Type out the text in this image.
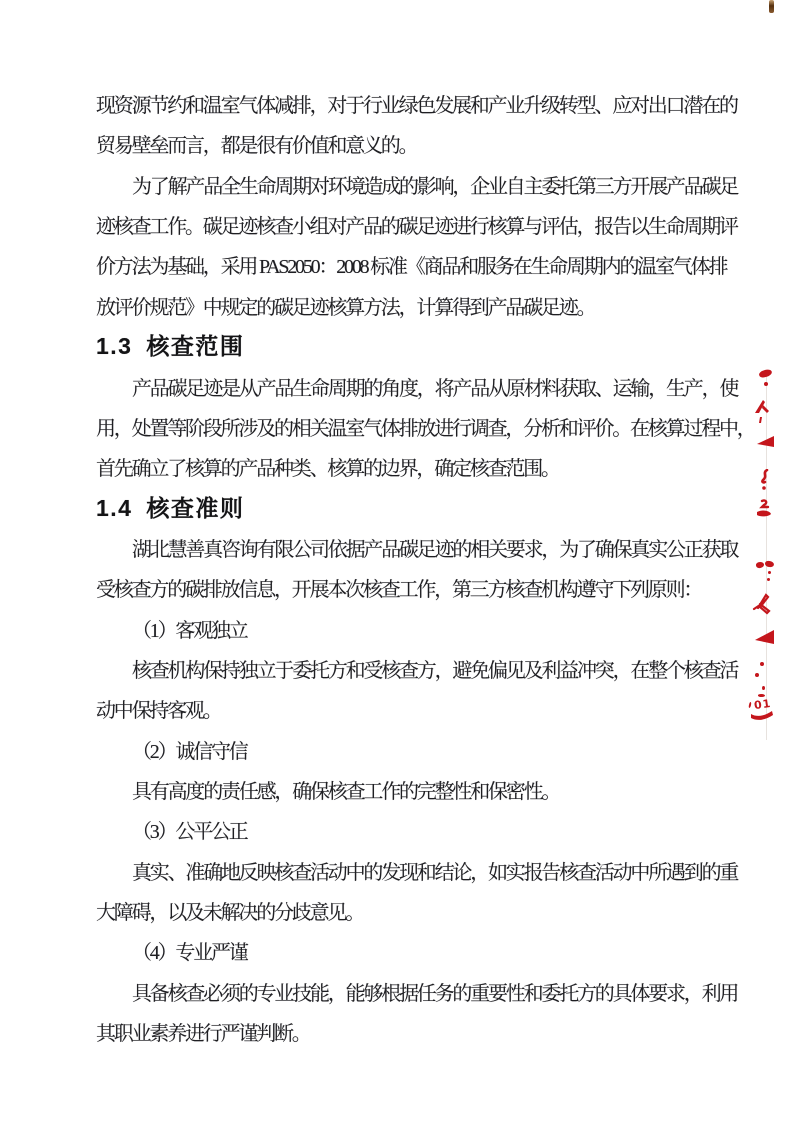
现资源节约和温室气体减排，对于行业绿色发展和产业升级转型、应对出口潜在的
贸易壁垒而言，都是很有价值和意义的。
为了解产品全生命周期对环境造成的影响，企业自主委托第三方开展产品碳足
迹核查工作。碳足迹核查小组对产品的碳足迹进行核算与评估，报告以生命周期评
价方法为基础，采用 PAS2050：2008 标准《商品和服务在生命周期内的温室气体排
放评价规范》中规定的碳足迹核算方法，计算得到产品碳足迹。
1.3 核查范围
产品碳足迹是从产品生命周期的角度，将产品从原材料获取、运输，生产，使
用，处置等阶段所涉及的相关温室气体排放进行调查，分析和评价。在核算过程中，
首先确立了核算的产品种类、核算的边界，确定核查范围。
1.4 核查准则
湖北慧善真咨询有限公司依据产品碳足迹的相关要求，为了确保真实公正获取
受核查方的碳排放信息，开展本次核查工作，第三方核查机构遵守下列原则：
（1）客观独立
核查机构保持独立于委托方和受核查方，避免偏见及利益冲突，在整个核查活
动中保持客观。
（2）诚信守信
具有高度的责任感，确保核查工作的完整性和保密性。
（3）公平公正
真实、准确地反映核查活动中的发现和结论，如实报告核查活动中所遇到的重
大障碍，以及未解决的分歧意见。
（4）专业严谨
具备核查必须的专业技能，能够根据任务的重要性和委托方的具体要求，利用
其职业素养进行严谨判断。
01
